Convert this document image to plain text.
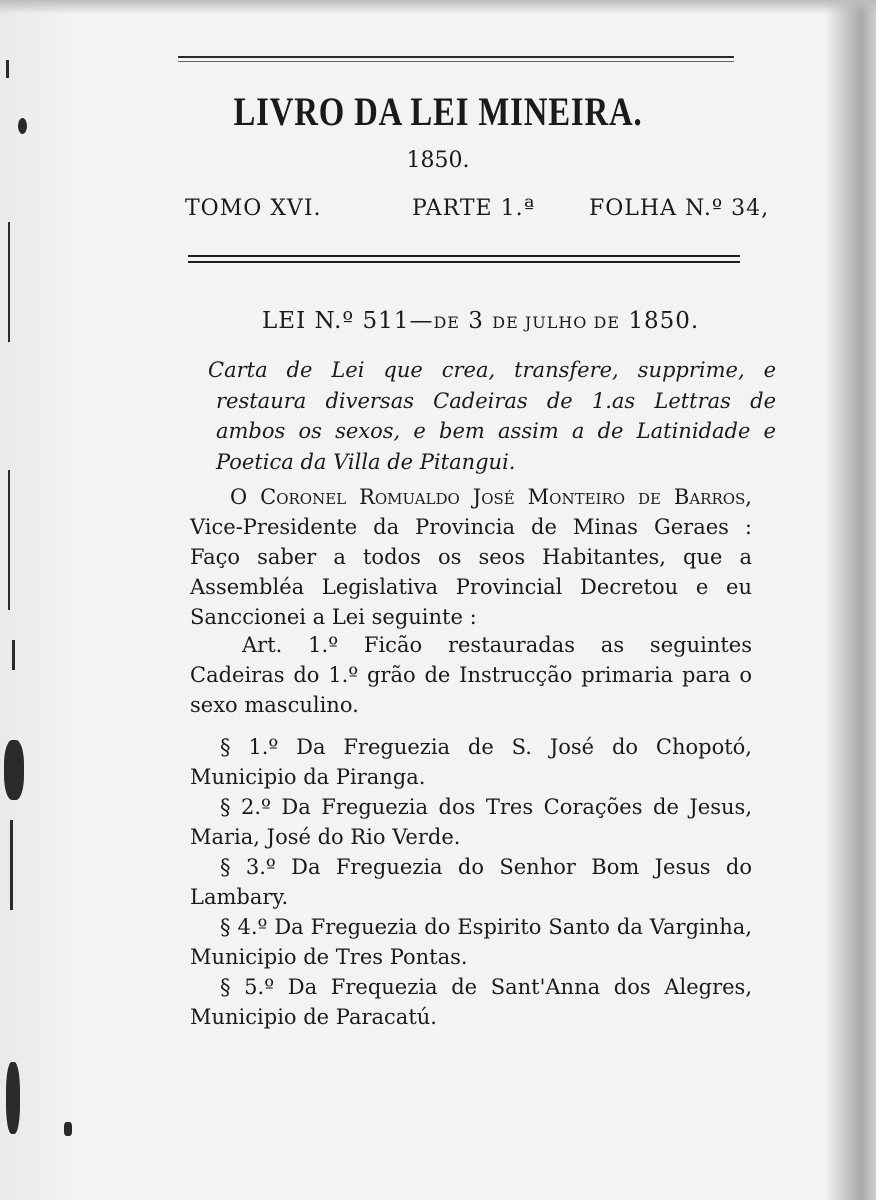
LIVRO DA LEI MINEIRA.
1850.
TOMO XVI.	PARTE 1.ª FOLHA N.º 34,
LEI N.º 511—DE 3 DE JULHO DE 1850.
Carta de Lei que crea, transfere, supprime, e restaura diversas Cadeiras de 1.as Lettras de ambos os sexos, e bem assim a de Latinidade e Poetica da Villa de Pitangui.
O Coronel Romualdo José Monteiro de Barros, Vice-Presidente da Provincia de Minas Geraes : Faço saber a todos os seos Habitantes, que a Assembléa Legislativa Provincial Decretou e eu Sanccionei a Lei seguinte :
Art. 1.º Ficão restauradas as seguintes Cadeiras do 1.º grão de Instrucção primaria para o sexo masculino.

§ 1.º Da Freguezia de S. José do Chopotó, Municipio da Piranga.

§ 2.º Da Freguezia dos Tres Corações de Jesus, Maria, José do Rio Verde.

§ 3.º Da Freguezia do Senhor Bom Jesus do Lambary.

§ 4.º Da Freguezia do Espirito Santo da Varginha, Municipio de Tres Pontas.

§ 5.º Da Frequezia de Sant'Anna dos Alegres, Municipio de Paracatú.
